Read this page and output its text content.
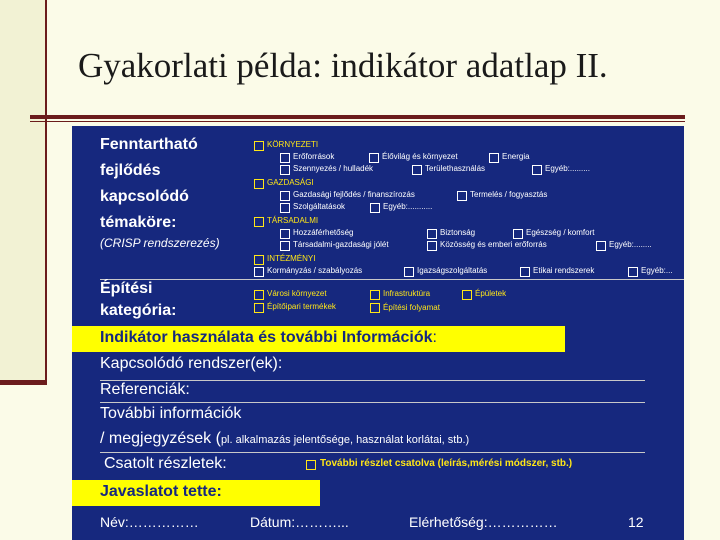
Gyakorlati példa: indikátor adatlap II.
Fenntartható
fejlődés
kapcsolódó
témaköre:
(CRISP rendszerezés)
KÖRNYEZETI
Erőforrások	Élővilág és környezet	Energia
Szennyezés / hulladék	Területhasználás	Egyéb:.........
GAZDASÁGI
Gazdasági fejlődés / finanszírozás	Termelés / fogyasztás
Szolgáltatások	Egyéb:...........
TÁRSADALMI
Hozzáférhetőség	Biztonság	Egészség / komfort
Társadalmi-gazdasági jólét	Közösség és emberi erőforrás	Egyéb:........
INTÉZMÉNYI
Kormányzás / szabályozás	Igazságszolgáltatás	Etikai rendszerek	Egyéb:...
Építési
kategória:
Városi környezet	Infrastruktúra	Épületek
Építőipari termékek	Építési folyamat
Indikátor használata és további Információk:
Kapcsolódó rendszer(ek):
Referenciák:
További információk
/ megjegyzések (pl. alkalmazás jelentősége, használat korlátai, stb.)
Csatolt részletek:	További részlet csatolva (leírás,mérési módszer, stb.)
Javaslatot tette:
Név:……………	Dátum:………...	Elérhetőség:……………	12
